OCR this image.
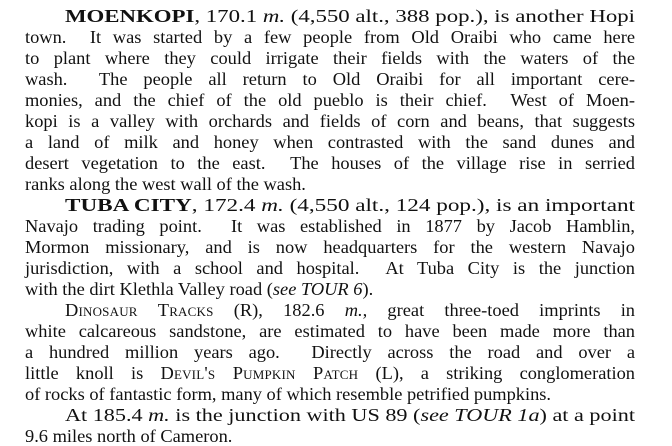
MOENKOPI, 170.1 m. (4,550 alt., 388 pop.), is another Hopi
town.  It was started by a few people from Old Oraibi who came here
to plant where they could irrigate their fields with the waters of the
wash.  The people all return to Old Oraibi for all important cere-
monies, and the chief of the old pueblo is their chief.  West of Moen-
kopi is a valley with orchards and fields of corn and beans, that suggests
a land of milk and honey when contrasted with the sand dunes and
desert vegetation to the east.  The houses of the village rise in serried
ranks along the west wall of the wash.
TUBA CITY, 172.4 m. (4,550 alt., 124 pop.), is an important
Navajo trading point.  It was established in 1877 by Jacob Hamblin,
Mormon missionary, and is now headquarters for the western Navajo
jurisdiction, with a school and hospital.  At Tuba City is the junction
with the dirt Klethla Valley road (see TOUR 6).
Dinosaur Tracks (R), 182.6 m., great three-toed imprints in
white calcareous sandstone, are estimated to have been made more than
a hundred million years ago.  Directly across the road and over a
little knoll is Devil's Pumpkin Patch (L), a striking conglomeration
of rocks of fantastic form, many of which resemble petrified pumpkins.
At 185.4 m. is the junction with US 89 (see TOUR 1a) at a point
9.6 miles north of Cameron.
